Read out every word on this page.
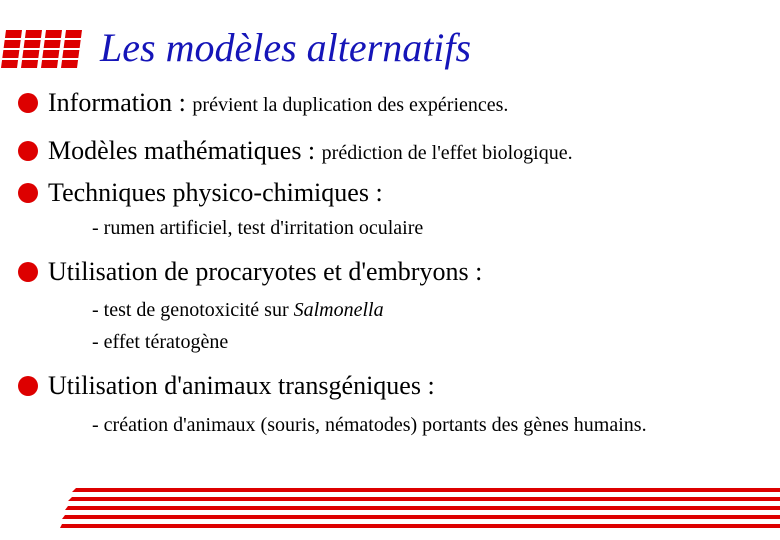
Les modèles alternatifs

Information : prévient la duplication des expériences.

Modèles mathématiques : prédiction de l'effet biologique.

Techniques physico-chimiques :

- rumen artificiel, test d'irritation oculaire

Utilisation de procaryotes et d'embryons :

- test de genotoxicité sur Salmonella

- effet tératogène

Utilisation d'animaux transgéniques :

- création d'animaux (souris, nématodes) portants des gènes humains.
